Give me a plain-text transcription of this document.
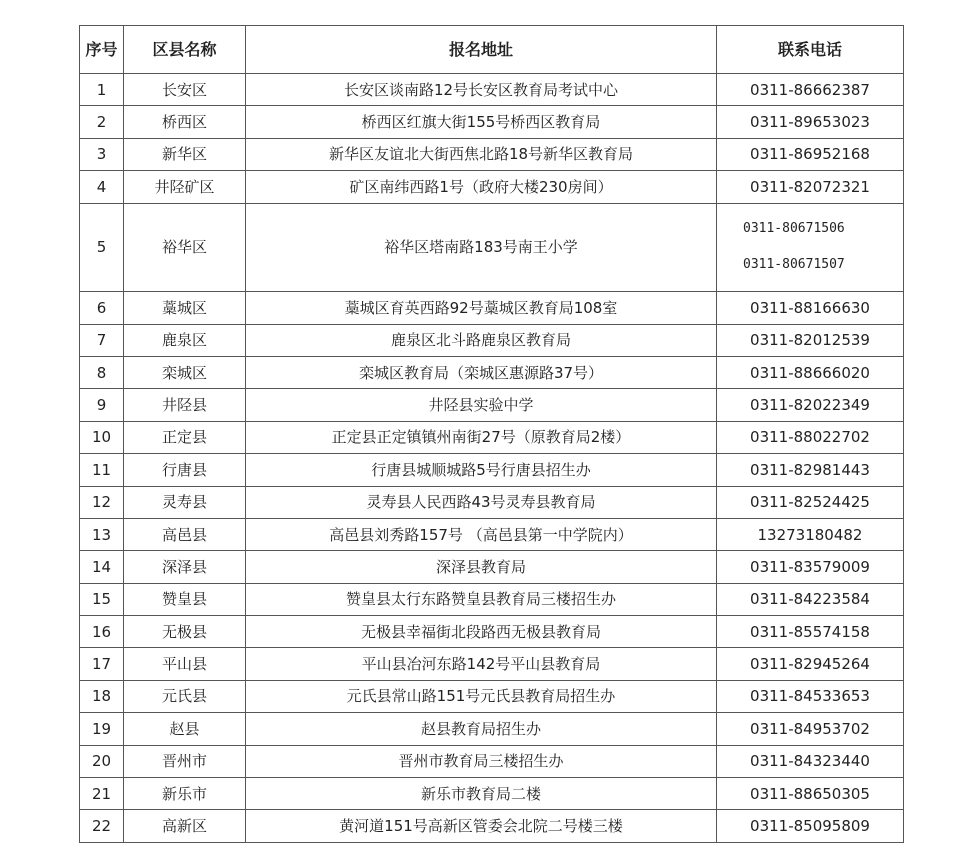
序号	区县名称	报名地址	联系电话
1	长安区	长安区谈南路12号长安区教育局考试中心	0311-86662387
2	桥西区	桥西区红旗大街155号桥西区教育局	0311-89653023
3	新华区	新华区友谊北大街西焦北路18号新华区教育局	0311-86952168
4	井陉矿区	矿区南纬西路1号（政府大楼230房间）	0311-82072321
5	裕华区	裕华区塔南路183号南王小学	0311-80671506
0311-80671507

6	藁城区	藁城区育英西路92号藁城区教育局108室	0311-88166630
7	鹿泉区	鹿泉区北斗路鹿泉区教育局	0311-82012539
8	栾城区	栾城区教育局（栾城区惠源路37号）	0311-88666020
9	井陉县	井陉县实验中学	0311-82022349
10	正定县	正定县正定镇镇州南街27号（原教育局2楼）	0311-88022702
11	行唐县	行唐县城顺城路5号行唐县招生办	0311-82981443
12	灵寿县	灵寿县人民西路43号灵寿县教育局	0311-82524425
13	高邑县	高邑县刘秀路157号 （高邑县第一中学院内）	13273180482
14	深泽县	深泽县教育局	0311-83579009
15	赞皇县	赞皇县太行东路赞皇县教育局三楼招生办	0311-84223584
16	无极县	无极县幸福街北段路西无极县教育局	0311-85574158
17	平山县	平山县冶河东路142号平山县教育局	0311-82945264
18	元氏县	元氏县常山路151号元氏县教育局招生办	0311-84533653
19	赵县	赵县教育局招生办	0311-84953702
20	晋州市	晋州市教育局三楼招生办	0311-84323440
21	新乐市	新乐市教育局二楼	0311-88650305
22	高新区	黄河道151号高新区管委会北院二号楼三楼	0311-85095809
